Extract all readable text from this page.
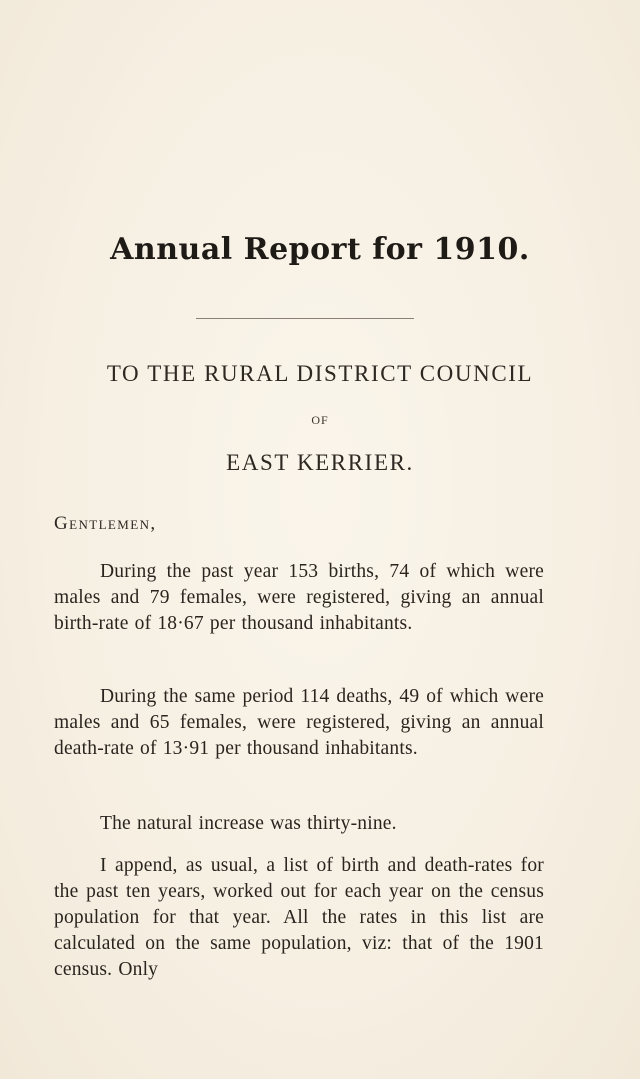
Annual Report for 1910.
TO THE RURAL DISTRICT COUNCIL
OF
EAST KERRIER.
Gentlemen,

During the past year 153 births, 74 of which were males and 79 females, were registered, giving an annual birth-rate of 18·67 per thousand inhabitants.

During the same period 114 deaths, 49 of which were males and 65 females, were registered, giving an annual death-rate of 13·91 per thousand inhabitants.

The natural increase was thirty-nine.

I append, as usual, a list of birth and death-rates for the past ten years, worked out for each year on the census population for that year. All the rates in this list are calculated on the same population, viz: that of the 1901 census. Only
